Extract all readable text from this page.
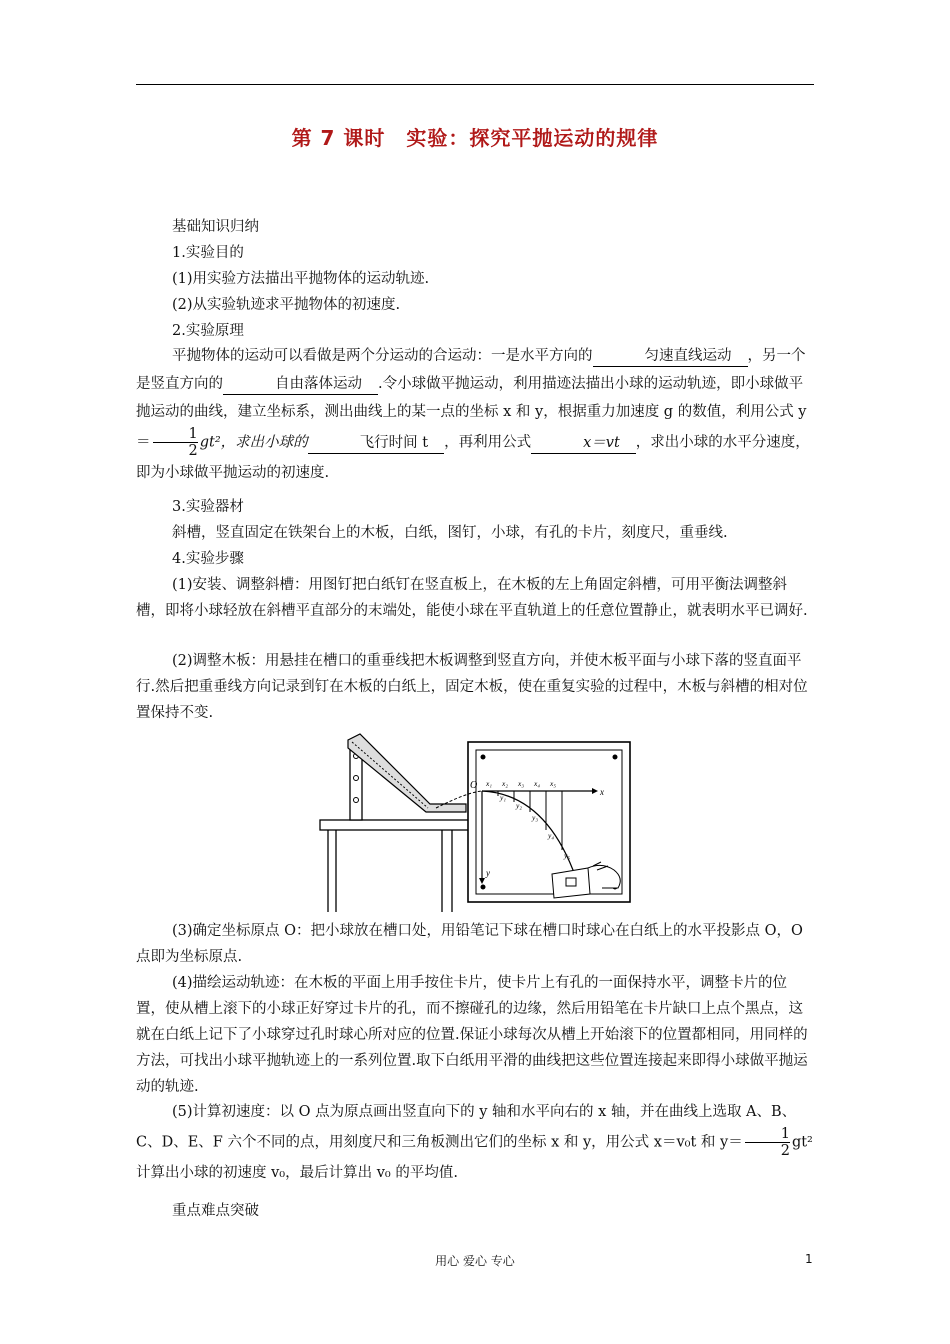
第 7 课时　实验：探究平抛运动的规律
基础知识归纳
1.实验目的
(1)用实验方法描出平抛物体的运动轨迹.
(2)从实验轨迹求平抛物体的初速度.
2.实验原理
平抛物体的运动可以看做是两个分运动的合运动：一是水平方向的	匀速直线运动 ，另一个是竖直方向的	自由落体运动 .令小球做平抛运动，利用描迹法描出小球的运动轨迹，即小球做平抛运动的曲线，建立坐标系，测出曲线上的某一点的坐标 x 和 y，根据重力加速度 g 的数值，利用公式 $y= \frac{1}{2} gt^2$，求出小球的	飞行时间 t ，再利用公式	x＝vt ，求出小球的水平分速度，即为小球做平抛运动的初速度.
3.实验器材
斜槽，竖直固定在铁架台上的木板，白纸，图钉，小球，有孔的卡片，刻度尺，重垂线.
4.实验步骤
(1)安装、调整斜槽：用图钉把白纸钉在竖直板上，在木板的左上角固定斜槽，可用平衡法调整斜槽，即将小球轻放在斜槽平直部分的末端处，能使小球在平直轨道上的任意位置静止，就表明水平已调好.
(2)调整木板：用悬挂在槽口的重垂线把木板调整到竖直方向，并使木板平面与小球下落的竖直面平行.然后把重垂线方向记录到钉在木板的白纸上，固定木板，使在重复实验的过程中，木板与斜槽的相对位置保持不变.
x
y
O x₁ x₂ x₃ x₄ x₅
y₁
y₂
y₃
y₄
y₅
(3)确定坐标原点 O：把小球放在槽口处，用铅笔记下球在槽口时球心在白纸上的水平投影点 O，O 点即为坐标原点.
(4)描绘运动轨迹：在木板的平面上用手按住卡片，使卡片上有孔的一面保持水平，调整卡片的位置，使从槽上滚下的小球正好穿过卡片的孔，而不擦碰孔的边缘，然后用铅笔在卡片缺口上点个黑点，这就在白纸上记下了小球穿过孔时球心所对应的位置.保证小球每次从槽上开始滚下的位置都相同，用同样的方法，可找出小球平抛轨迹上的一系列位置.取下白纸用平滑的曲线把这些位置连接起来即得小球做平抛运动的轨迹.
(5)计算初速度：以 O 点为原点画出竖直向下的 y 轴和水平向右的 x 轴，并在曲线上选取 A、B、C、D、E、F 六个不同的点，用刻度尺和三角板测出它们的坐标 x 和 y，用公式 x＝v₀t 和 $y= \frac{1}{2} gt^2$ 计算出小球的初速度 v₀，最后计算出 v₀ 的平均值.
重点难点突破
用心 爱心 专心	1
